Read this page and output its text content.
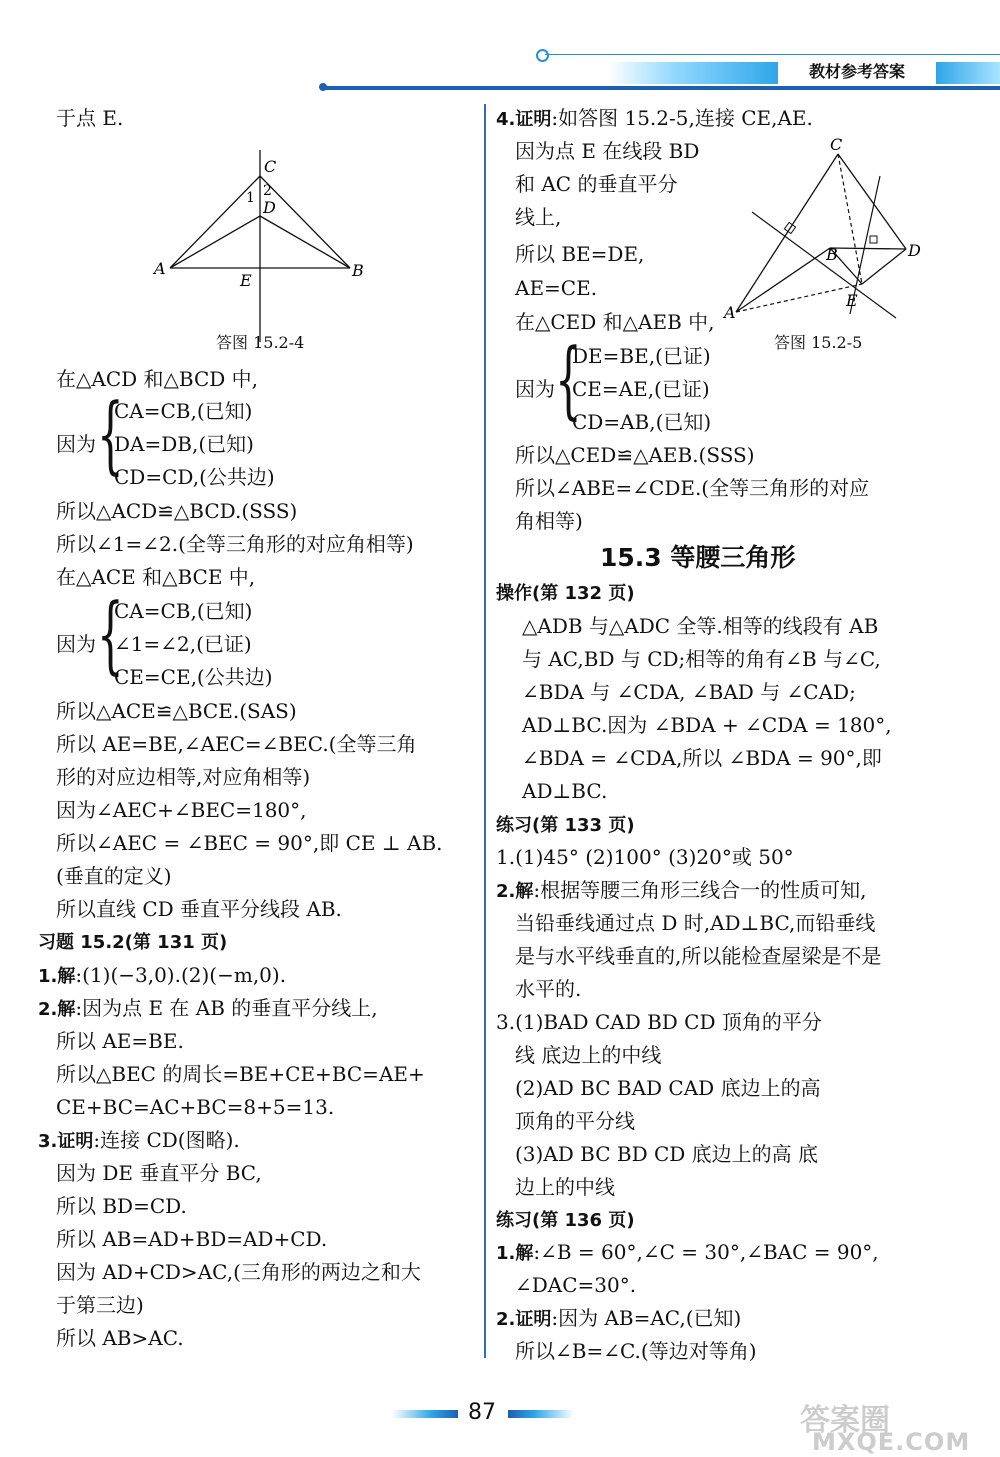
教材参考答案
于点 E.
C
1 2
D
A	B
E
答图 15.2-4
在△ACD 和△BCD 中,
因为 {
CA=CB,(已知)
DA=DB,(已知)
CD=CD,(公共边)
所以△ACD≌△BCD.(SSS)
所以∠1=∠2.(全等三角形的对应角相等)
在△ACE 和△BCE 中,
因为 {
CA=CB,(已知)
∠1=∠2,(已证)
CE=CE,(公共边)
所以△ACE≌△BCE.(SAS)
所以 AE=BE,∠AEC=∠BEC.(全等三角
形的对应边相等,对应角相等)
因为∠AEC+∠BEC=180°,
所以∠AEC = ∠BEC = 90°,即 CE ⊥ AB.
(垂直的定义)
所以直线 CD 垂直平分线段 AB.
习题 15.2(第 131 页)
1.解:(1)(−3,0).(2)(−m,0).
2.解:因为点 E 在 AB 的垂直平分线上,
所以 AE=BE.
所以△BEC 的周长=BE+CE+BC=AE+
CE+BC=AC+BC=8+5=13.
3.证明:连接 CD(图略).
因为 DE 垂直平分 BC,
所以 BD=CD.
所以 AB=AD+BD=AD+CD.
因为 AD+CD>AC,(三角形的两边之和大
于第三边)
所以 AB>AC.
4.证明:如答图 15.2-5,连接 CE,AE.
因为点 E 在线段 BD
和 AC 的垂直平分
线上,
所以 BE=DE,
AE=CE.
在△CED 和△AEB 中,
C
B	D
E
A
答图 15.2-5
因为 {
DE=BE,(已证)
CE=AE,(已证)
CD=AB,(已知)
所以△CED≌△AEB.(SSS)
所以∠ABE=∠CDE.(全等三角形的对应
角相等)
15.3 等腰三角形
操作(第 132 页)
△ADB 与△ADC 全等.相等的线段有 AB
与 AC,BD 与 CD;相等的角有∠B 与∠C,
∠BDA 与 ∠CDA, ∠BAD 与 ∠CAD;
AD⊥BC.因为 ∠BDA + ∠CDA = 180°,
∠BDA = ∠CDA,所以 ∠BDA = 90°,即
AD⊥BC.
练习(第 133 页)
1.(1)45° (2)100° (3)20°或 50°
2.解:根据等腰三角形三线合一的性质可知,
当铅垂线通过点 D 时,AD⊥BC,而铅垂线
是与水平线垂直的,所以能检查屋梁是不是
水平的.
3.(1)BAD CAD BD CD 顶角的平分
线 底边上的中线
(2)AD BC BAD CAD 底边上的高
顶角的平分线
(3)AD BC BD CD 底边上的高 底
边上的中线
练习(第 136 页)
1.解:∠B = 60°,∠C = 30°,∠BAC = 90°,
∠DAC=30°.
2.证明:因为 AB=AC,(已知)
所以∠B=∠C.(等边对等角)
87	答案圈
MXQE.COM
